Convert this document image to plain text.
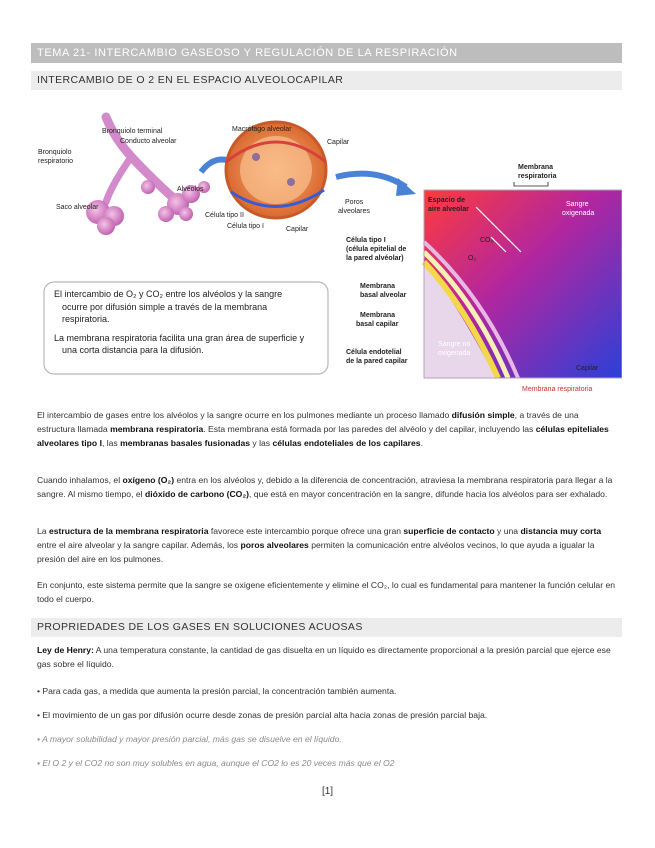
TEMA 21- INTERCAMBIO GASEOSO Y REGULACIÓN DE LA RESPIRACIÓN
INTERCAMBIO DE O 2 EN EL ESPACIO ALVEOLOCAPILAR
Bronquiolo terminal
Conducto alveolar
Bronquiolo
respiratorio
Alvéolos
Saco alveolar
Macrófago alveolar
Capilar
Poros
alveolares
Célula tipo II
Célula tipo I	Capilar
Espacio de
aire alveolar
Membrana
respiratoria
Sangre
oxigenada
CO₂
O₂
Célula tipo I
(célula epitelial de
la pared alvéolar)
Membrana
basal alveolar
Membrana
basal capilar
Célula endotelial
de la pared capilar
Sangre no
oxigenada
Capilar
Membrana respiratoria
El intercambio de O₂ y CO₂ entre los alvéolos y la sangre ocurre por difusión simple a través de la membrana respiratoria.
La membrana respiratoria facilita una gran área de superficie y una corta distancia para la difusión.

El intercambio de gases entre los alvéolos y la sangre ocurre en los pulmones mediante un proceso llamado difusión simple, a través de una estructura llamada membrana respiratoria. Esta membrana está formada por las paredes del alvéolo y del capilar, incluyendo las células epiteliales alveolares tipo I, las membranas basales fusionadas y las células endoteliales de los capilares.

Cuando inhalamos, el oxígeno (O₂) entra en los alvéolos y, debido a la diferencia de concentración, atraviesa la membrana respiratoria para llegar a la sangre. Al mismo tiempo, el dióxido de carbono (CO₂), que está en mayor concentración en la sangre, difunde hacia los alvéolos para ser exhalado.

La estructura de la membrana respiratoria favorece este intercambio porque ofrece una gran superficie de contacto y una distancia muy corta entre el aire alveolar y la sangre capilar. Además, los poros alveolares permiten la comunicación entre alvéolos vecinos, lo que ayuda a igualar la presión del aire en los pulmones.

En conjunto, este sistema permite que la sangre se oxigene eficientemente y elimine el CO₂, lo cual es fundamental para mantener la función celular en todo el cuerpo.

PROPRIEDADES DE LOS GASES EN SOLUCIONES ACUOSAS

Ley de Henry: A una temperatura constante, la cantidad de gas disuelta en un líquido es directamente proporcional a la presión parcial que ejerce ese gas sobre el líquido.

• Para cada gas, a medida que aumenta la presión parcial, la concentración también aumenta.

• El movimiento de un gas por difusión ocurre desde zonas de presión parcial alta hacia zonas de presión parcial baja.

• A mayor solubilidad y mayor presión parcial, más gas se disuelve en el líquido.

• El O 2 y el CO2 no son muy solubles en agua, aunque el CO2 lo es 20 veces más que el O2

[1]
